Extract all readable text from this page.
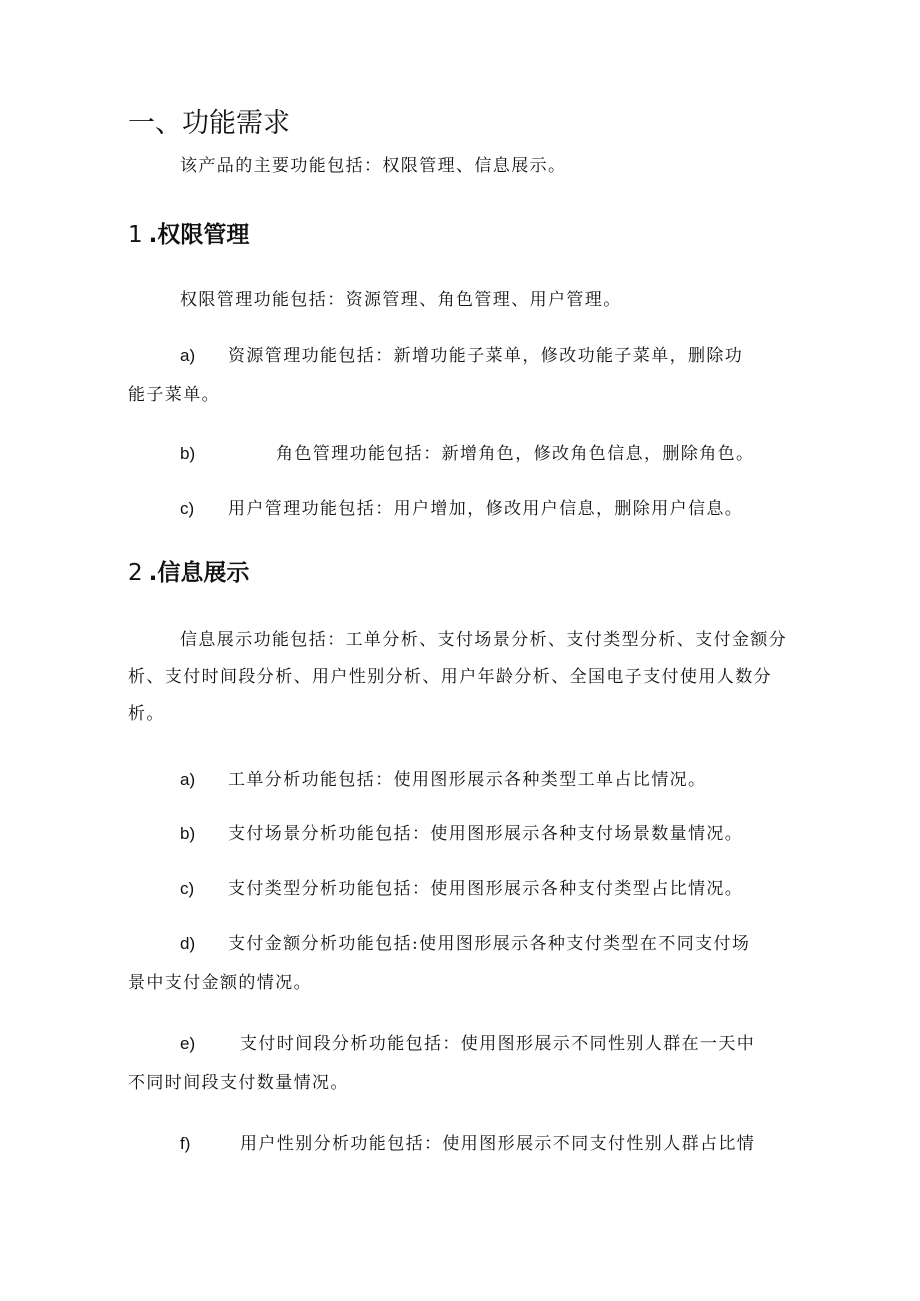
一、功能需求
该产品的主要功能包括：权限管理、信息展示。
1 .权限管理
权限管理功能包括：资源管理、角色管理、用户管理。
a) 资源管理功能包括：新增功能子菜单，修改功能子菜单，删除功
能子菜单。
b)	角色管理功能包括：新增角色，修改角色信息，删除角色。
c) 用户管理功能包括：用户增加，修改用户信息，删除用户信息。
2 .信息展示
信息展示功能包括：工单分析、支付场景分析、支付类型分析、支付金额分析、支付时间段分析、用户性别分析、用户年龄分析、全国电子支付使用人数分析。
a) 工单分析功能包括：使用图形展示各种类型工单占比情况。
b) 支付场景分析功能包括：使用图形展示各种支付场景数量情况。
c) 支付类型分析功能包括：使用图形展示各种支付类型占比情况。
d) 支付金额分析功能包括:使用图形展示各种支付类型在不同支付场
景中支付金额的情况。
e)	支付时间段分析功能包括：使用图形展示不同性别人群在一天中
不同时间段支付数量情况。
f)	用户性别分析功能包括：使用图形展示不同支付性别人群占比情
